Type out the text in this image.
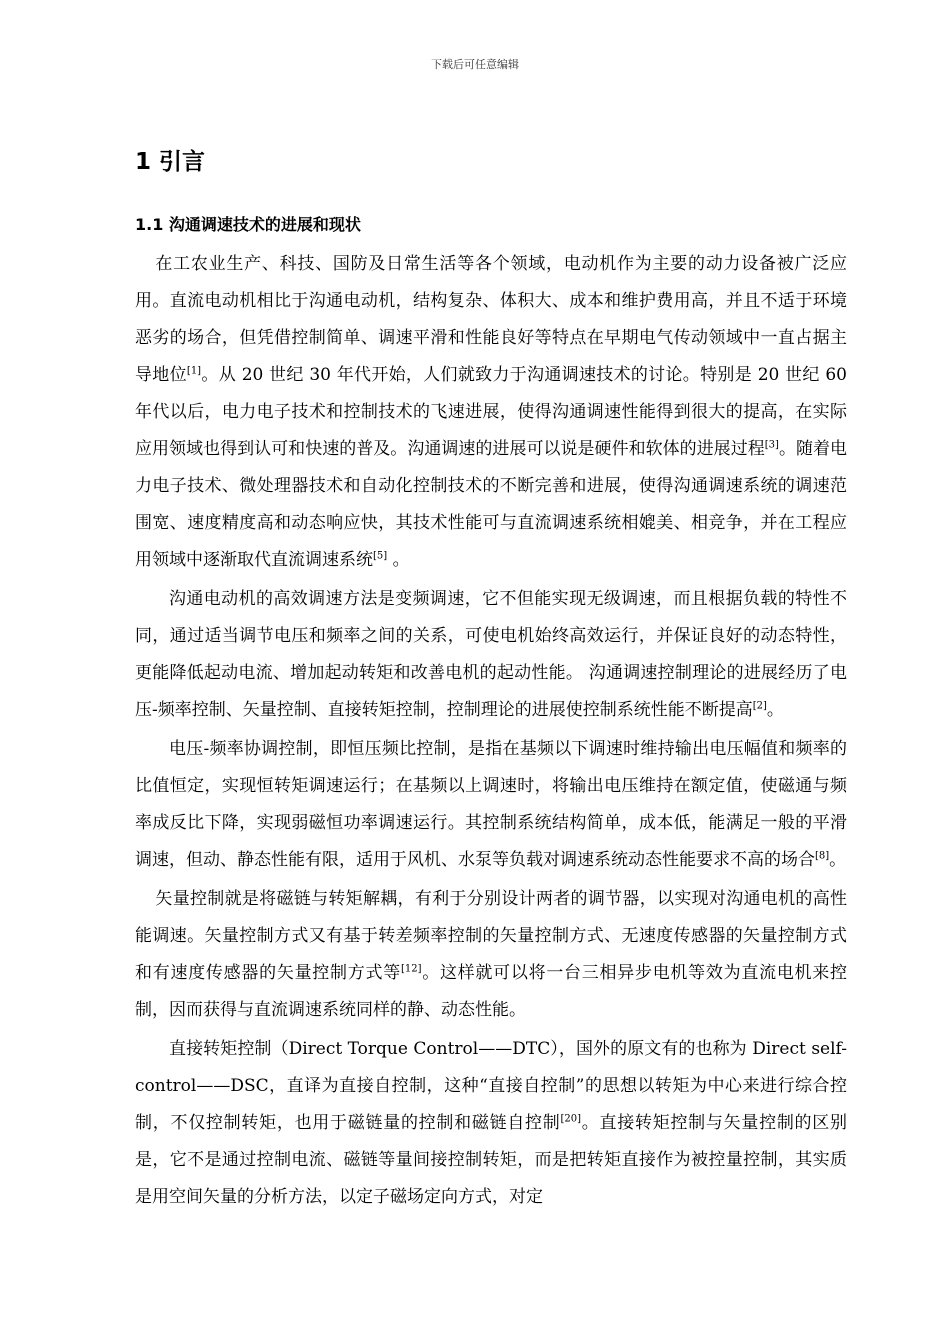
下载后可任意编辑
1 引言
1.1 沟通调速技术的进展和现状

在工农业生产、科技、国防及日常生活等各个领域，电动机作为主要的动力设备被广泛应用。直流电动机相比于沟通电动机，结构复杂、体积大、成本和维护费用高，并且不适于环境恶劣的场合，但凭借控制简单、调速平滑和性能良好等特点在早期电气传动领域中一直占据主导地位[1]。从 20 世纪 30 年代开始，人们就致力于沟通调速技术的讨论。特别是 20 世纪 60 年代以后，电力电子技术和控制技术的飞速进展，使得沟通调速性能得到很大的提高，在实际应用领域也得到认可和快速的普及。沟通调速的进展可以说是硬件和软体的进展过程[3]。随着电力电子技术、微处理器技术和自动化控制技术的不断完善和进展，使得沟通调速系统的调速范围宽、速度精度高和动态响应快，其技术性能可与直流调速系统相媲美、相竞争，并在工程应用领域中逐渐取代直流调速系统[5] 。

沟通电动机的高效调速方法是变频调速，它不但能实现无级调速，而且根据负载的特性不同，通过适当调节电压和频率之间的关系，可使电机始终高效运行，并保证良好的动态特性，更能降低起动电流、增加起动转矩和改善电机的起动性能。 沟通调速控制理论的进展经历了电压-频率控制、矢量控制、直接转矩控制，控制理论的进展使控制系统性能不断提高[2]。

电压-频率协调控制，即恒压频比控制，是指在基频以下调速时维持输出电压幅值和频率的比值恒定，实现恒转矩调速运行；在基频以上调速时，将输出电压维持在额定值，使磁通与频率成反比下降，实现弱磁恒功率调速运行。其控制系统结构简单，成本低，能满足一般的平滑调速，但动、静态性能有限，适用于风机、水泵等负载对调速系统动态性能要求不高的场合[8]。

矢量控制就是将磁链与转矩解耦，有利于分别设计两者的调节器，以实现对沟通电机的高性能调速。矢量控制方式又有基于转差频率控制的矢量控制方式、无速度传感器的矢量控制方式和有速度传感器的矢量控制方式等[12]。这样就可以将一台三相异步电机等效为直流电机来控制，因而获得与直流调速系统同样的静、动态性能。

直接转矩控制（Direct Torque Control——DTC），国外的原文有的也称为 Direct self-control——DSC，直译为直接自控制，这种“直接自控制”的思想以转矩为中心来进行综合控制，不仅控制转矩，也用于磁链量的控制和磁链自控制[20]。直接转矩控制与矢量控制的区别是，它不是通过控制电流、磁链等量间接控制转矩，而是把转矩直接作为被控量控制，其实质是用空间矢量的分析方法，以定子磁场定向方式，对定
